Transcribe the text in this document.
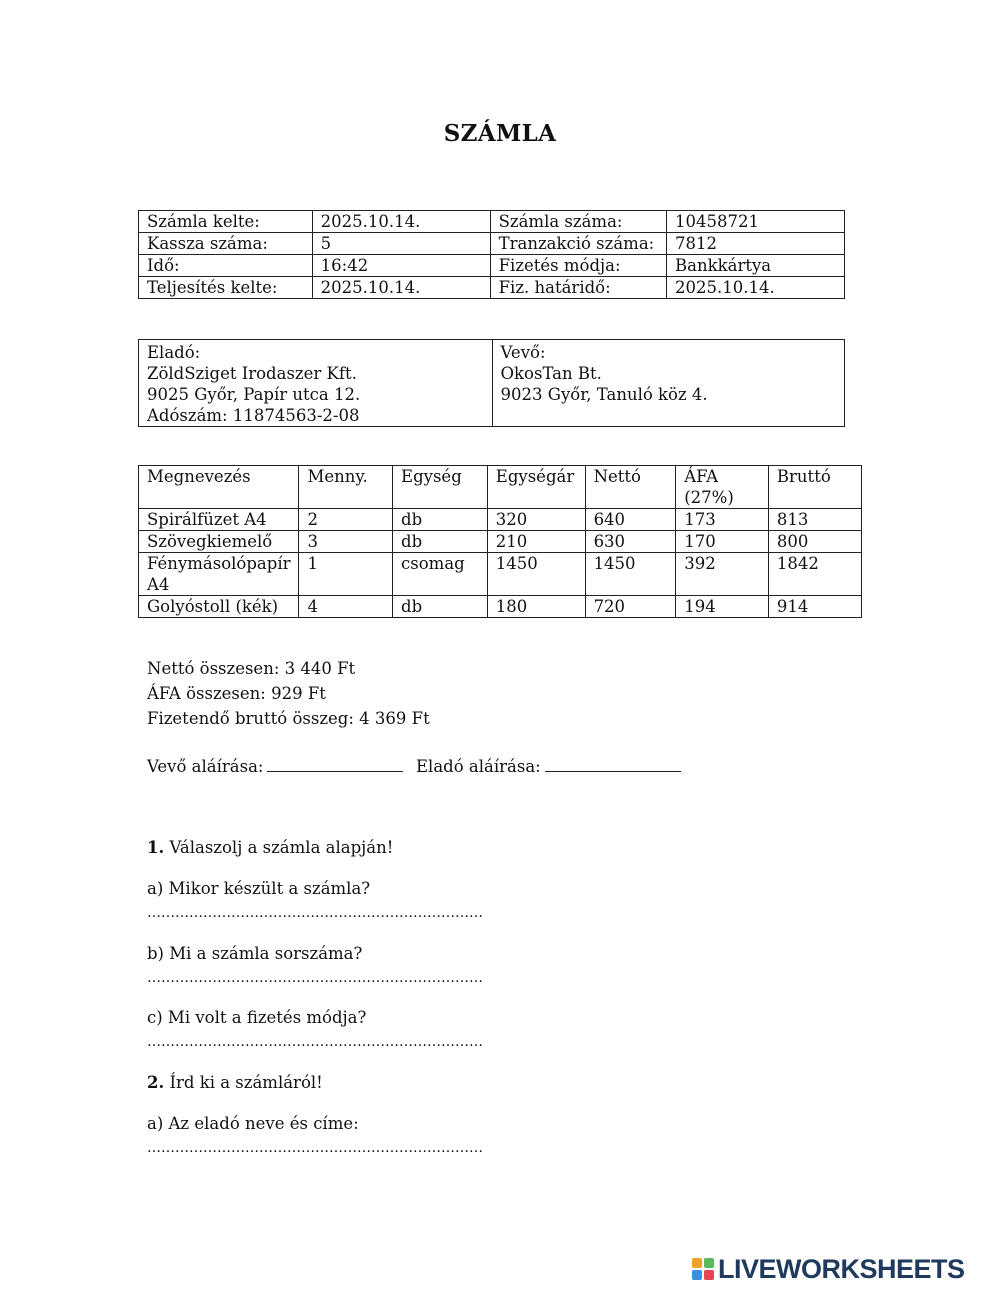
SZÁMLA
Számla kelte:	2025.10.14.	Számla száma:	10458721
Kassza száma:	5	Tranzakció száma:	7812
Idő:	16:42	Fizetés módja:	Bankkártya
Teljesítés kelte:	2025.10.14.	Fiz. határidő:	2025.10.14.
Eladó:
ZöldSziget Irodaszer Kft.
9025 Győr, Papír utca 12.
Adószám: 11874563-2-08

Vevő:
OkosTan Bt.
9023 Győr, Tanuló köz 4.
Megnevezés	Menny.	Egység	Egységár	Nettó	ÁFA (27%)	Bruttó
Spirálfüzet A4	2	db	320	640	173	813
Szövegkiemelő	3	db	210	630	170	800
Fénymásolópapír A4	1	csomag	1450	1450	392	1842
Golyóstoll (kék)	4	db	180	720	194	914
Nettó összesen: 3 440 Ft
ÁFA összesen: 929 Ft
Fizetendő bruttó összeg: 4 369 Ft
Vevő aláírása:	Eladó aláírása:
1. Válaszolj a számla alapján!
a) Mikor készült a számla?
………………………………………………………………
b) Mi a számla sorszáma?
………………………………………………………………
c) Mi volt a fizetés módja?
………………………………………………………………
2. Írd ki a számláról!
a) Az eladó neve és címe:
………………………………………………………………
LIVEWORKSHEETS
